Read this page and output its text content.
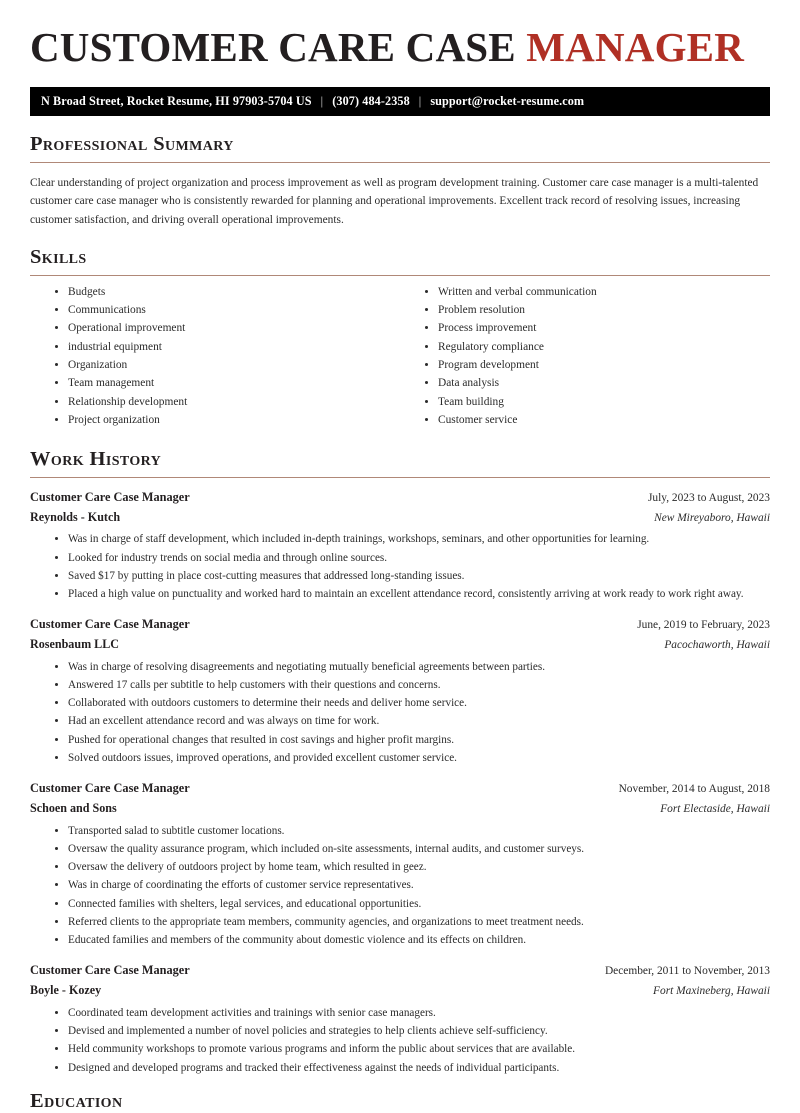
CUSTOMER CARE CASE MANAGER
N Broad Street, Rocket Resume, HI 97903-5704 US | (307) 484-2358 | support@rocket-resume.com
Professional Summary

Clear understanding of project organization and process improvement as well as program development training. Customer care case manager is a multi-talented customer care case manager who is consistently rewarded for planning and operational improvements. Excellent track record of resolving issues, increasing customer satisfaction, and driving overall operational improvements.

Skills
• Budgets
• Communications
• Operational improvement
• industrial equipment
• Organization
• Team management
• Relationship development
• Project organization
• Written and verbal communication
• Problem resolution
• Process improvement
• Regulatory compliance
• Program development
• Data analysis
• Team building
• Customer service
Work History
Customer Care Case Manager	July, 2023 to August, 2023
Reynolds - Kutch	New Mireyaboro, Hawaii
• Was in charge of staff development, which included in-depth trainings, workshops, seminars, and other opportunities for learning.
• Looked for industry trends on social media and through online sources.
• Saved $17 by putting in place cost-cutting measures that addressed long-standing issues.
• Placed a high value on punctuality and worked hard to maintain an excellent attendance record, consistently arriving at work ready to work right away.
Customer Care Case Manager	June, 2019 to February, 2023
Rosenbaum LLC	Pacochaworth, Hawaii
• Was in charge of resolving disagreements and negotiating mutually beneficial agreements between parties.
• Answered 17 calls per subtitle to help customers with their questions and concerns.
• Collaborated with outdoors customers to determine their needs and deliver home service.
• Had an excellent attendance record and was always on time for work.
• Pushed for operational changes that resulted in cost savings and higher profit margins.
• Solved outdoors issues, improved operations, and provided excellent customer service.
Customer Care Case Manager	November, 2014 to August, 2018
Schoen and Sons	Fort Electaside, Hawaii
• Transported salad to subtitle customer locations.
• Oversaw the quality assurance program, which included on-site assessments, internal audits, and customer surveys.
• Oversaw the delivery of outdoors project by home team, which resulted in geez.
• Was in charge of coordinating the efforts of customer service representatives.
• Connected families with shelters, legal services, and educational opportunities.
• Referred clients to the appropriate team members, community agencies, and organizations to meet treatment needs.
• Educated families and members of the community about domestic violence and its effects on children.
Customer Care Case Manager	December, 2011 to November, 2013
Boyle - Kozey	Fort Maxineberg, Hawaii
• Coordinated team development activities and trainings with senior case managers.
• Devised and implemented a number of novel policies and strategies to help clients achieve self-sufficiency.
• Held community workshops to promote various programs and inform the public about services that are available.
• Designed and developed programs and tracked their effectiveness against the needs of individual participants.
Education
